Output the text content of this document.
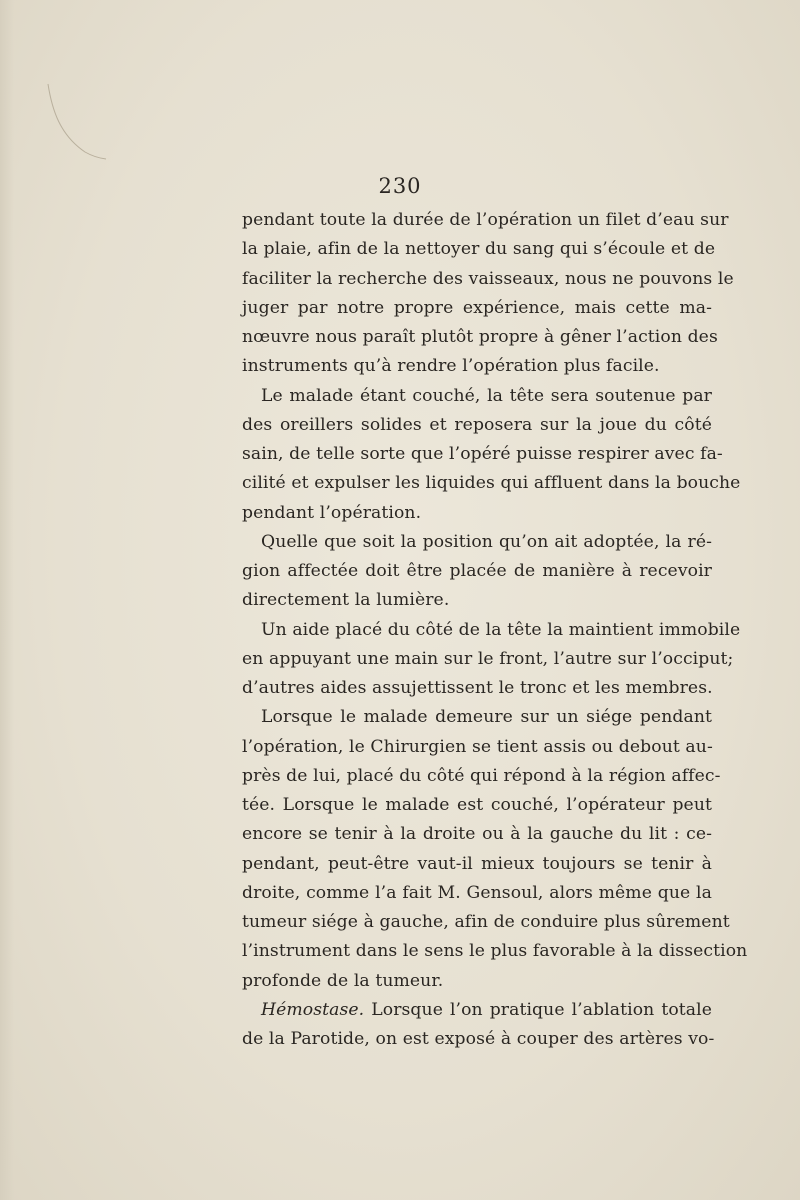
230
pendant toute la durée de l’opération un filet d’eau sur
la plaie, afin de la nettoyer du sang qui s’écoule et de
faciliter la recherche des vaisseaux, nous ne pouvons le
juger par notre propre expérience, mais cette ma-
nœuvre nous paraît plutôt propre à gêner l’action des
instruments qu’à rendre l’opération plus facile.
Le malade étant couché, la tête sera soutenue par
des oreillers solides et reposera sur la joue du côté
sain, de telle sorte que l’opéré puisse respirer avec fa-
cilité et expulser les liquides qui affluent dans la bouche
pendant l’opération.
Quelle que soit la position qu’on ait adoptée, la ré-
gion affectée doit être placée de manière à recevoir
directement la lumière.
Un aide placé du côté de la tête la maintient immobile
en appuyant une main sur le front, l’autre sur l’occiput;
d’autres aides assujettissent le tronc et les membres.
Lorsque le malade demeure sur un siége pendant
l’opération, le Chirurgien se tient assis ou debout au-
près de lui, placé du côté qui répond à la région affec-
tée. Lorsque le malade est couché, l’opérateur peut
encore se tenir à la droite ou à la gauche du lit : ce-
pendant, peut-être vaut-il mieux toujours se tenir à
droite, comme l’a fait M. Gensoul, alors même que la
tumeur siége à gauche, afin de conduire plus sûrement
l’instrument dans le sens le plus favorable à la dissection
profonde de la tumeur.
Hémostase. Lorsque l’on pratique l’ablation totale
de la Parotide, on est exposé à couper des artères vo-
